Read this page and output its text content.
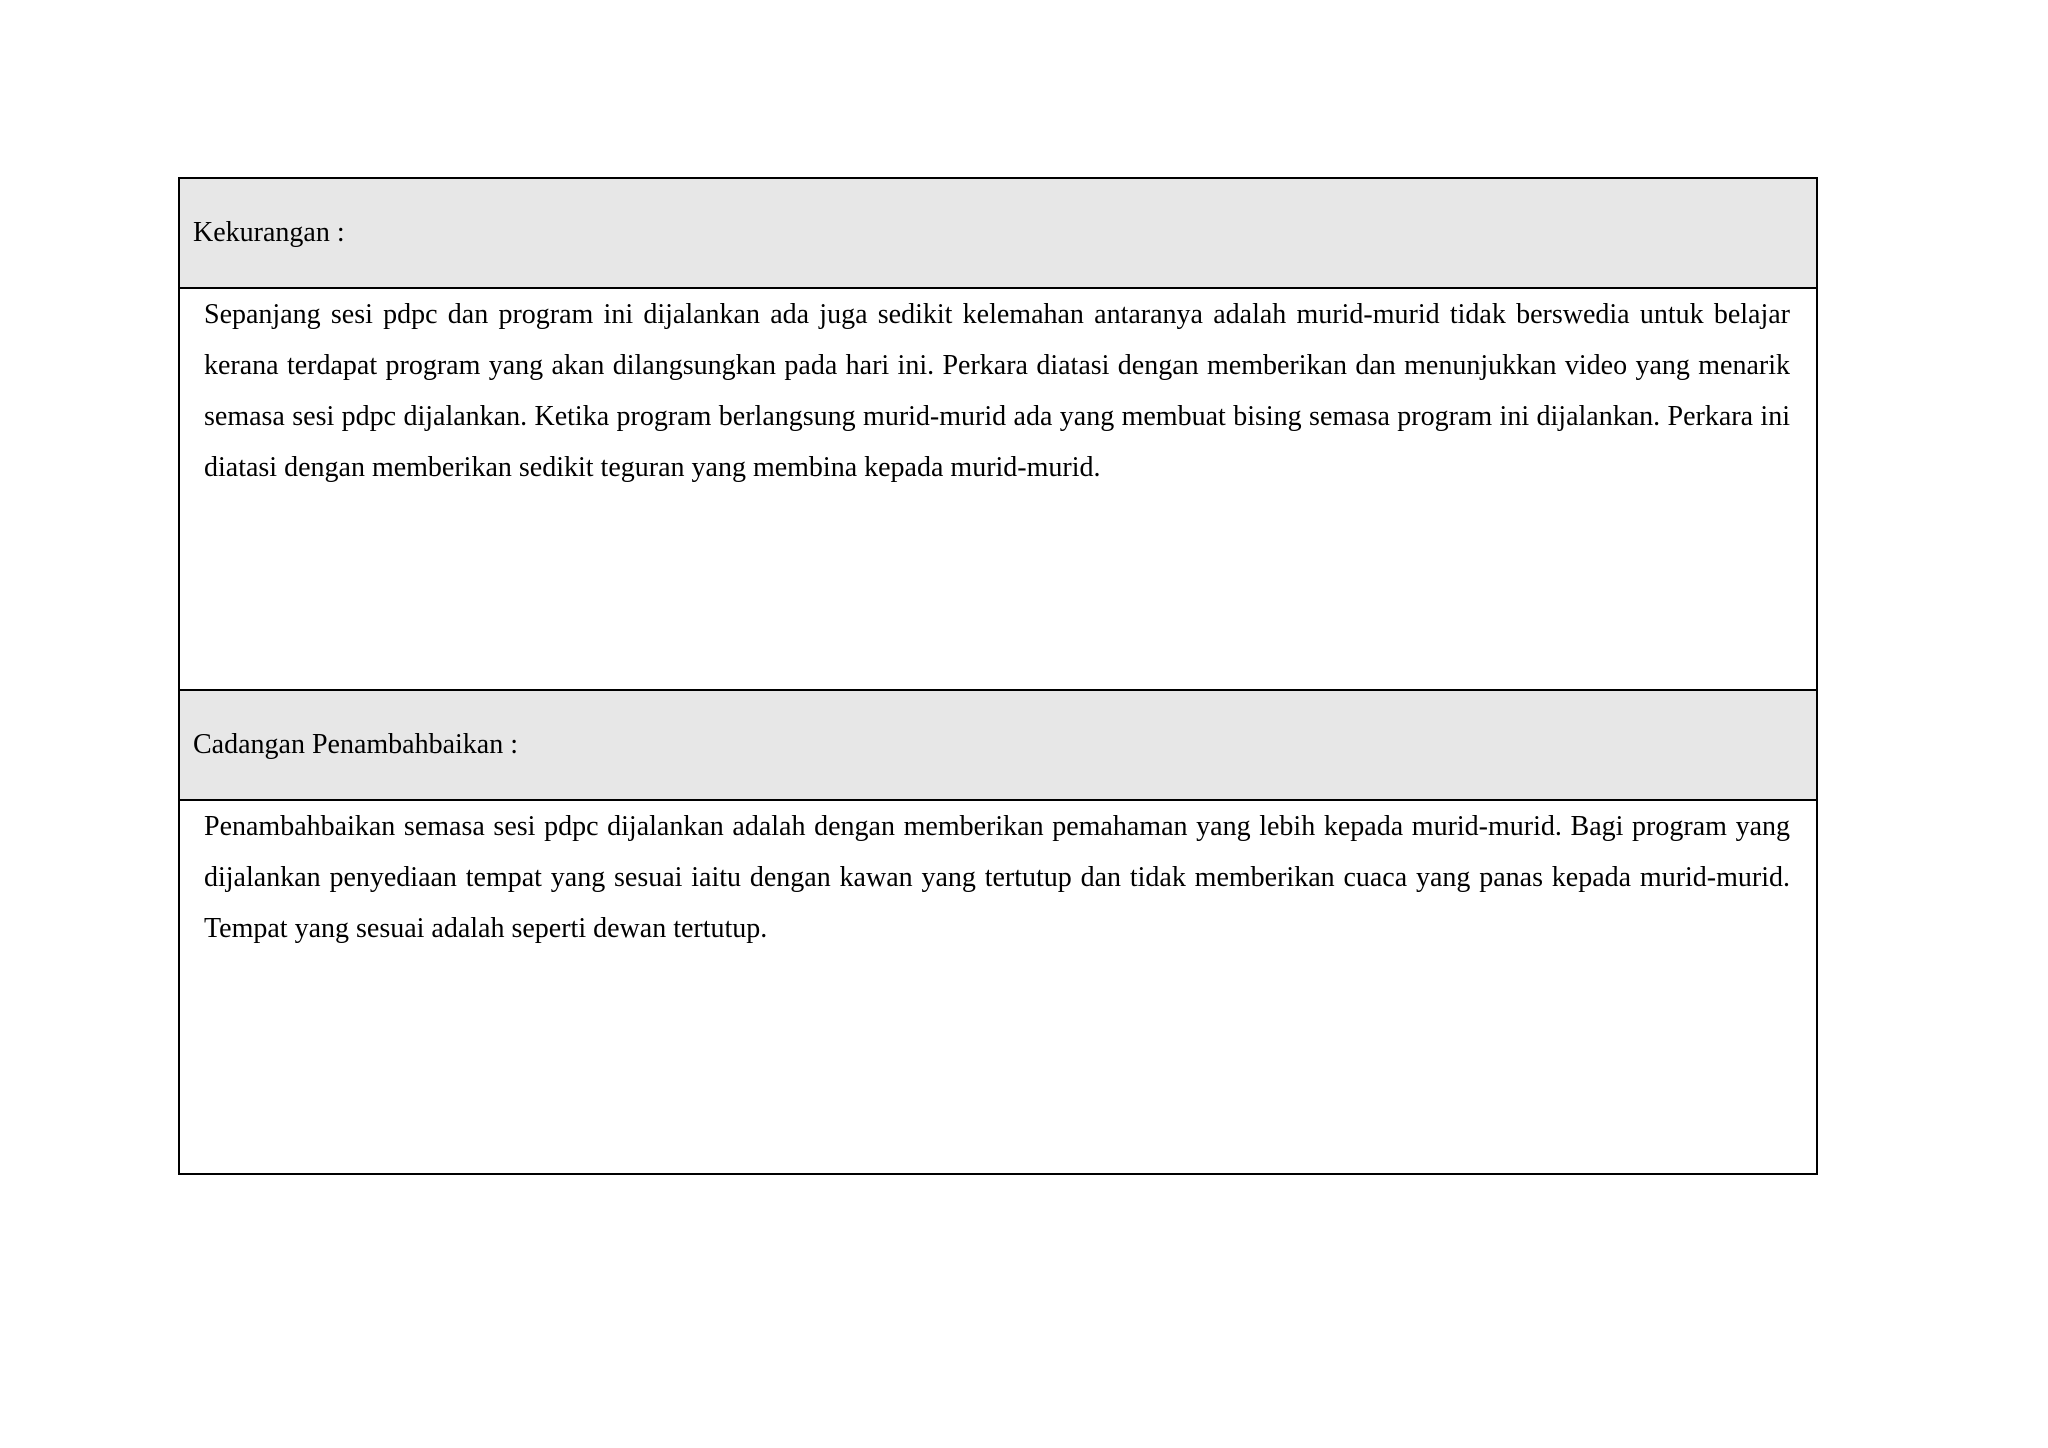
Kekurangan :

Sepanjang sesi pdpc dan program ini dijalankan ada juga sedikit kelemahan antaranya adalah murid-murid tidak berswedia untuk belajar kerana terdapat program yang akan dilangsungkan pada hari ini. Perkara diatasi dengan memberikan dan menunjukkan video yang menarik semasa sesi pdpc dijalankan. Ketika program berlangsung murid-murid ada yang membuat bising semasa program ini dijalankan. Perkara ini diatasi dengan memberikan sedikit teguran yang membina kepada murid-murid.

Cadangan Penambahbaikan :

Penambahbaikan semasa sesi pdpc dijalankan adalah dengan memberikan pemahaman yang lebih kepada murid-murid. Bagi program yang dijalankan penyediaan tempat yang sesuai iaitu dengan kawan yang tertutup dan tidak memberikan cuaca yang panas kepada murid-murid. Tempat yang sesuai adalah seperti dewan tertutup.
